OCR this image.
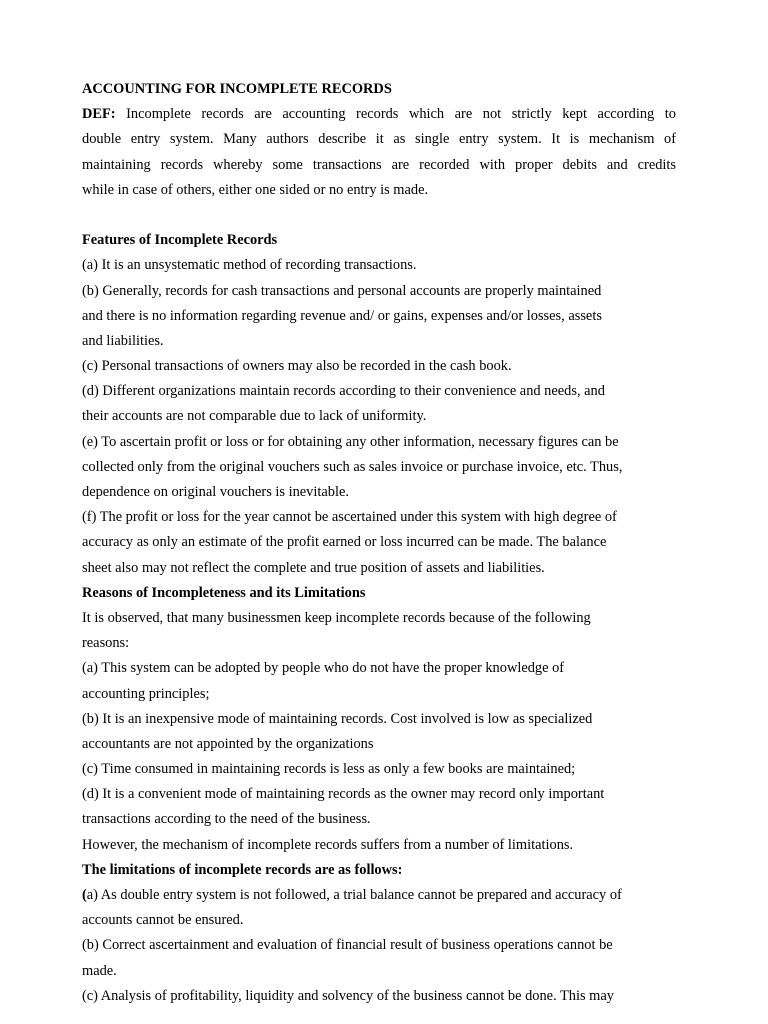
ACCOUNTING FOR INCOMPLETE RECORDS
DEF: Incomplete records are accounting records which are not strictly kept according to
double entry system. Many authors describe it as single entry system. It is mechanism of
maintaining records whereby some transactions are recorded with proper debits and credits
while in case of others, either one sided or no entry is made.
Features of Incomplete Records
(a) It is an unsystematic method of recording transactions.
(b) Generally, records for cash transactions and personal accounts are properly maintained
and there is no information regarding revenue and/ or gains, expenses and/or losses, assets
and liabilities.
(c) Personal transactions of owners may also be recorded in the cash book.
(d) Different organizations maintain records according to their convenience and needs, and
their accounts are not comparable due to lack of uniformity.
(e) To ascertain profit or loss or for obtaining any other information, necessary figures can be
collected only from the original vouchers such as sales invoice or purchase invoice, etc. Thus,
dependence on original vouchers is inevitable.
(f) The profit or loss for the year cannot be ascertained under this system with high degree of
accuracy as only an estimate of the profit earned or loss incurred can be made. The balance
sheet also may not reflect the complete and true position of assets and liabilities.
Reasons of Incompleteness and its Limitations
It is observed, that many businessmen keep incomplete records because of the following
reasons:
(a) This system can be adopted by people who do not have the proper knowledge of
accounting principles;
(b) It is an inexpensive mode of maintaining records. Cost involved is low as specialized
accountants are not appointed by the organizations
(c) Time consumed in maintaining records is less as only a few books are maintained;
(d) It is a convenient mode of maintaining records as the owner may record only important
transactions according to the need of the business.
However, the mechanism of incomplete records suffers from a number of limitations.
The limitations of incomplete records are as follows:
(a) As double entry system is not followed, a trial balance cannot be prepared and accuracy of
accounts cannot be ensured.
(b) Correct ascertainment and evaluation of financial result of business operations cannot be
made.
(c) Analysis of profitability, liquidity and solvency of the business cannot be done. This may
